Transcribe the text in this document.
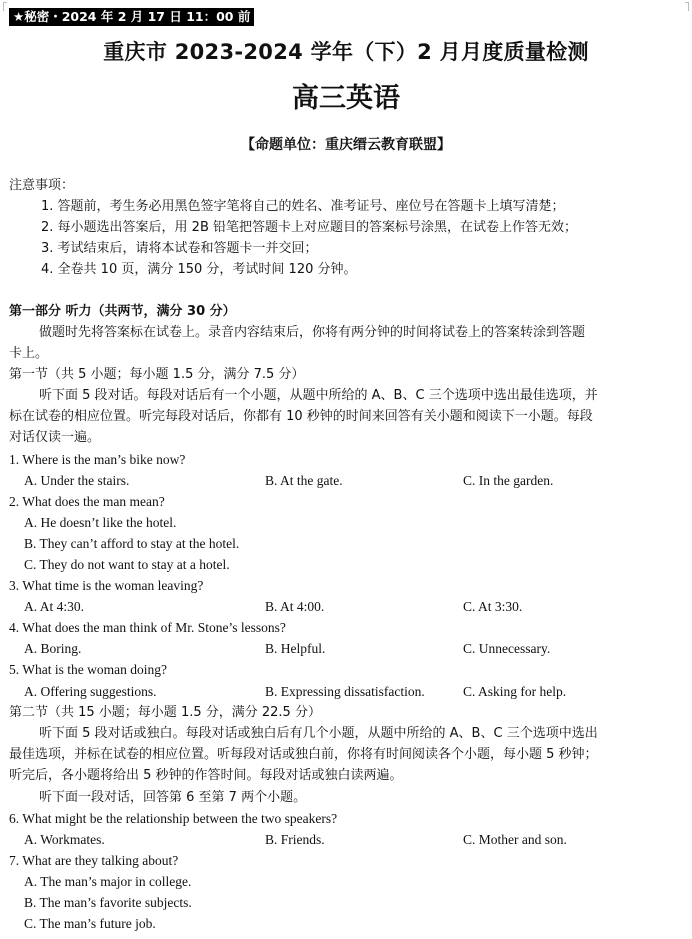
★秘密・2024 年 2 月 17 日 11：00 前
重庆市 2023-2024 学年（下）2 月月度质量检测
高三英语
【命题单位：重庆缙云教育联盟】
注意事项：
1. 答题前，考生务必用黑色签字笔将自己的姓名、准考证号、座位号在答题卡上填写清楚；
2. 每小题选出答案后，用 2B 铅笔把答题卡上对应题目的答案标号涂黑，在试卷上作答无效；
3. 考试结束后，请将本试卷和答题卡一并交回；
4. 全卷共 10 页，满分 150 分，考试时间 120 分钟。
第一部分 听力（共两节，满分 30 分）
做题时先将答案标在试卷上。录音内容结束后，你将有两分钟的时间将试卷上的答案转涂到答题
卡上。
第一节（共 5 小题；每小题 1.5 分，满分 7.5 分）
听下面 5 段对话。每段对话后有一个小题，从题中所给的 A、B、C 三个选项中选出最佳选项，并
标在试卷的相应位置。听完每段对话后，你都有 10 秒钟的时间来回答有关小题和阅读下一小题。每段
对话仅读一遍。
1. Where is the man’s bike now?
A. Under the stairs.	B. At the gate.	C. In the garden.
2. What does the man mean?
A. He doesn’t like the hotel.
B. They can’t afford to stay at the hotel.
C. They do not want to stay at a hotel.
3. What time is the woman leaving?
A. At 4:30.	B. At 4:00.	C. At 3:30.
4. What does the man think of Mr. Stone’s lessons?
A. Boring.	B. Helpful.	C. Unnecessary.
5. What is the woman doing?
A. Offering suggestions.	B. Expressing dissatisfaction.	C. Asking for help.
第二节（共 15 小题；每小题 1.5 分，满分 22.5 分）
听下面 5 段对话或独白。每段对话或独白后有几个小题，从题中所给的 A、B、C 三个选项中选出
最佳选项，并标在试卷的相应位置。听每段对话或独白前，你将有时间阅读各个小题，每小题 5 秒钟；
听完后，各小题将给出 5 秒钟的作答时间。每段对话或独白读两遍。
听下面一段对话，回答第 6 至第 7 两个小题。
6. What might be the relationship between the two speakers?
A. Workmates.	B. Friends.	C. Mother and son.
7. What are they talking about?
A. The man’s major in college.
B. The man’s favorite subjects.
C. The man’s future job.
